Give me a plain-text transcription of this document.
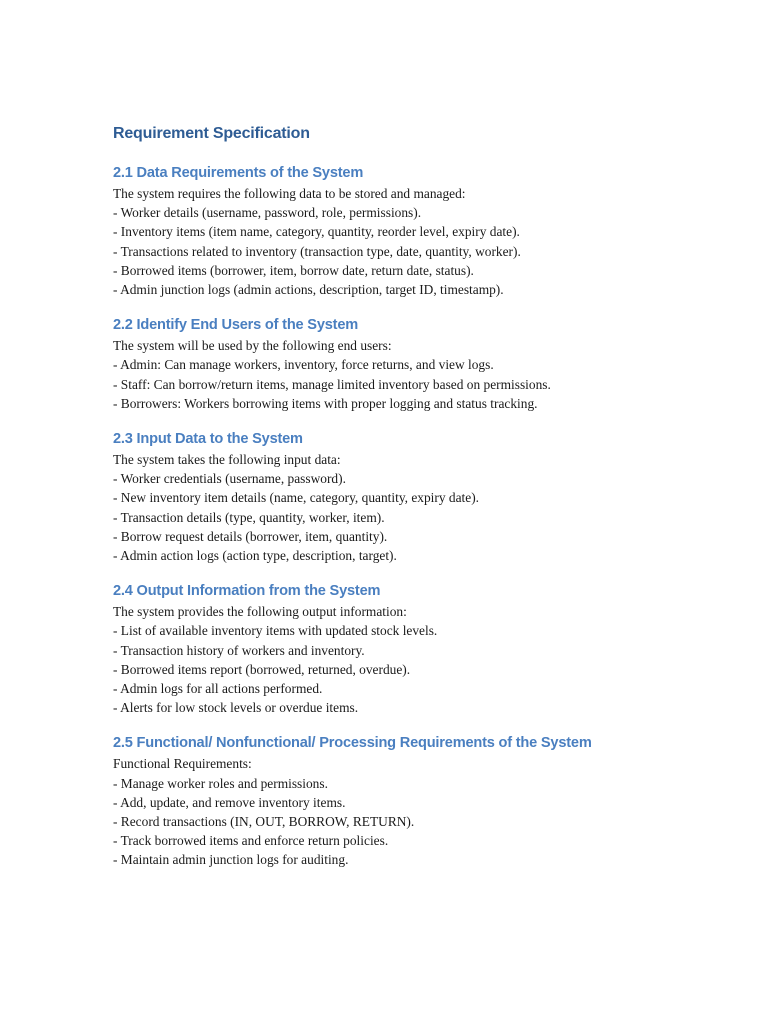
Requirement Specification
2.1 Data Requirements of the System

The system requires the following data to be stored and managed:

- Worker details (username, password, role, permissions).

- Inventory items (item name, category, quantity, reorder level, expiry date).

- Transactions related to inventory (transaction type, date, quantity, worker).

- Borrowed items (borrower, item, borrow date, return date, status).

- Admin junction logs (admin actions, description, target ID, timestamp).

2.2 Identify End Users of the System

The system will be used by the following end users:

- Admin: Can manage workers, inventory, force returns, and view logs.

- Staff: Can borrow/return items, manage limited inventory based on permissions.

- Borrowers: Workers borrowing items with proper logging and status tracking.

2.3 Input Data to the System

The system takes the following input data:

- Worker credentials (username, password).

- New inventory item details (name, category, quantity, expiry date).

- Transaction details (type, quantity, worker, item).

- Borrow request details (borrower, item, quantity).

- Admin action logs (action type, description, target).

2.4 Output Information from the System

The system provides the following output information:

- List of available inventory items with updated stock levels.

- Transaction history of workers and inventory.

- Borrowed items report (borrowed, returned, overdue).

- Admin logs for all actions performed.

- Alerts for low stock levels or overdue items.

2.5 Functional/ Nonfunctional/ Processing Requirements of the System

Functional Requirements:

- Manage worker roles and permissions.

- Add, update, and remove inventory items.

- Record transactions (IN, OUT, BORROW, RETURN).

- Track borrowed items and enforce return policies.

- Maintain admin junction logs for auditing.
